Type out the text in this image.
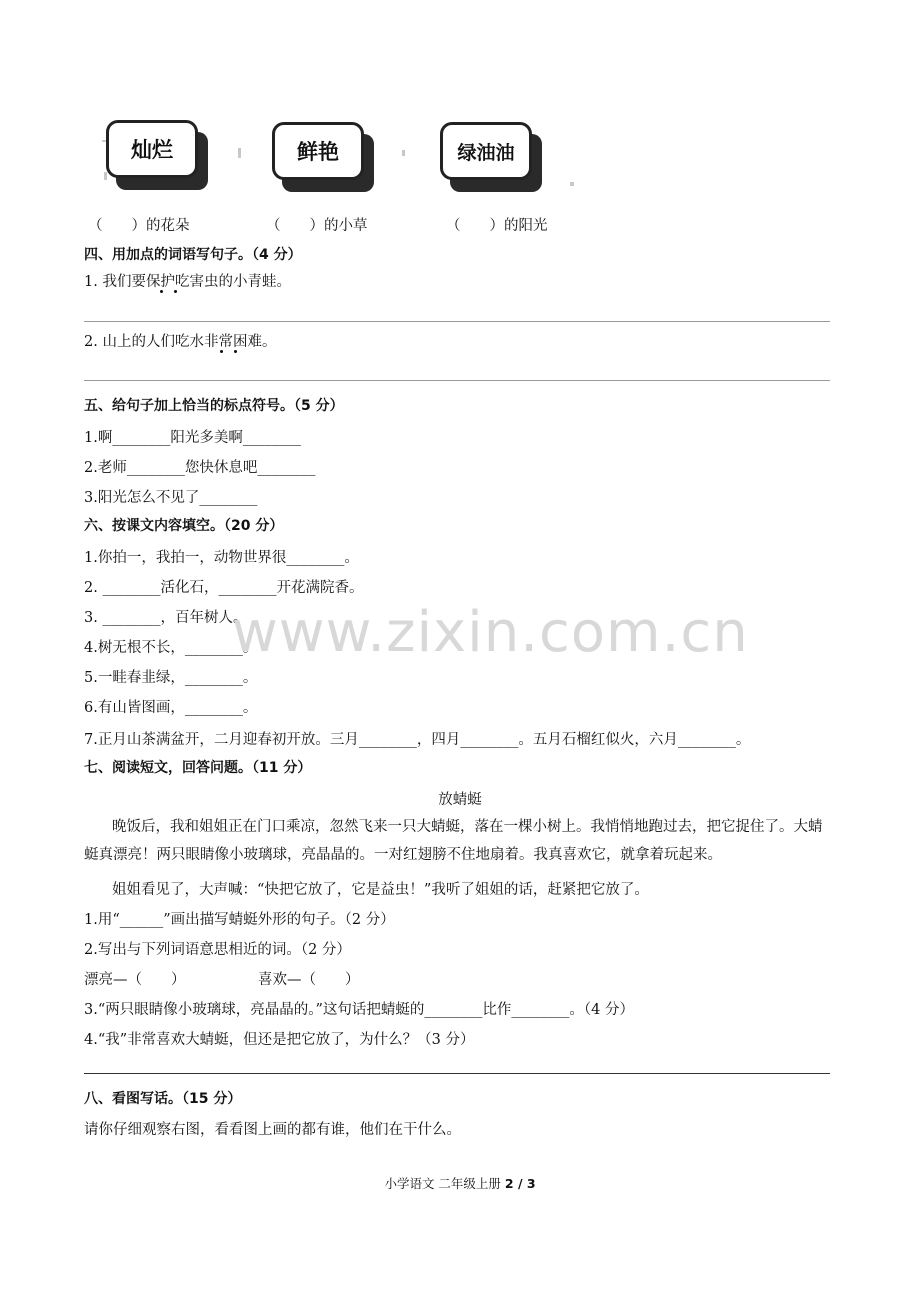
灿烂	鲜艳	绿油油
（　　）的花朵	（　　）的小草	（　　）的阳光
四、用加点的词语写句子。（4 分）
1. 我们要保护吃害虫的小青蛙。
2. 山上的人们吃水非常困难。
五、给句子加上恰当的标点符号。（5 分）
1.啊________阳光多美啊________
2.老师________您快休息吧________
3.阳光怎么不见了________
六、按课文内容填空。（20 分）
1.你拍一，我拍一，动物世界很________。
2. ________活化石，________开花满院香。
3. ________，百年树人。
4.树无根不长，________。
5.一畦春韭绿，________。
6.有山皆图画，________。
7.正月山茶满盆开，二月迎春初开放。三月________，四月________。五月石榴红似火，六月________。
www.zixin.com.cn
七、阅读短文，回答问题。（11 分）
放蜻蜓
晚饭后，我和姐姐正在门口乘凉，忽然飞来一只大蜻蜓，落在一棵小树上。我悄悄地跑过去，把它捉住了。大蜻蜓真漂亮！两只眼睛像小玻璃球，亮晶晶的。一对红翅膀不住地扇着。我真喜欢它，就拿着玩起来。
姐姐看见了，大声喊：“快把它放了，它是益虫！”我听了姐姐的话，赶紧把它放了。
1.用“______”画出描写蜻蜓外形的句子。（2 分）
2.写出与下列词语意思相近的词。（2 分）
漂亮—（　　）	喜欢—（　　）
3.“两只眼睛像小玻璃球，亮晶晶的。”这句话把蜻蜓的________比作________。（4 分）
4.“我”非常喜欢大蜻蜓，但还是把它放了，为什么？（3 分）
八、看图写话。（15 分）
请你仔细观察右图，看看图上画的都有谁，他们在干什么。
小学语文 二年级上册 2 / 3
